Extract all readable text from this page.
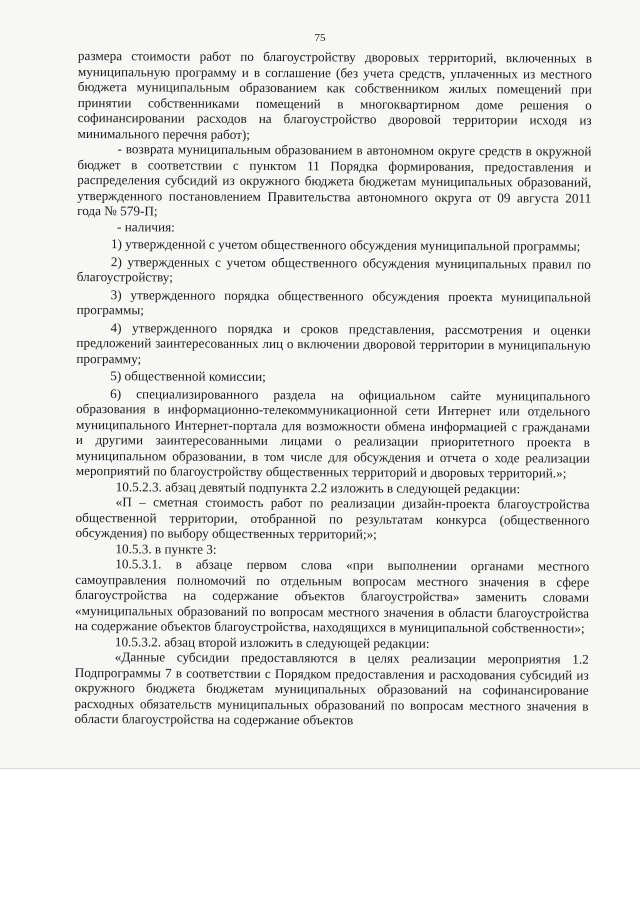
75

размера стоимости работ по благоустройству дворовых территорий, включенных в муниципальную программу и в соглашение (без учета средств, уплаченных из местного бюджета муниципальным образованием как собственником жилых помещений при принятии собственниками помещений в многоквартирном доме решения о софинансировании расходов на благоустройство дворовой территории исходя из минимального перечня работ);

- возврата муниципальным образованием в автономном округе средств в окружной бюджет в соответствии с пунктом 11 Порядка формирования, предоставления и распределения субсидий из окружного бюджета бюджетам муниципальных образований, утвержденного постановлением Правительства автономного округа от 09 августа 2011 года № 579-П;

- наличия:

1) утвержденной с учетом общественного обсуждения муниципальной программы;

2) утвержденных с учетом общественного обсуждения муниципальных правил по благоустройству;

3) утвержденного порядка общественного обсуждения проекта муниципальной программы;

4) утвержденного порядка и сроков представления, рассмотрения и оценки предложений заинтересованных лиц о включении дворовой территории в муниципальную программу;

5) общественной комиссии;

6) специализированного раздела на официальном сайте муниципального образования в информационно-телекоммуникационной сети Интернет или отдельного муниципального Интернет-портала для возможности обмена информацией с гражданами и другими заинтересованными лицами о реализации приоритетного проекта в муниципальном образовании, в том числе для обсуждения и отчета о ходе реализации мероприятий по благоустройству общественных территорий и дворовых территорий.»;

10.5.2.3. абзац девятый подпункта 2.2 изложить в следующей редакции:

«П – сметная стоимость работ по реализации дизайн-проекта благоустройства общественной территории, отобранной по результатам конкурса (общественного обсуждения) по выбору общественных территорий;»;

10.5.3. в пункте 3:

10.5.3.1. в абзаце первом слова «при выполнении органами местного самоуправления полномочий по отдельным вопросам местного значения в сфере благоустройства на содержание объектов благоустройства» заменить словами «муниципальных образований по вопросам местного значения в области благоустройства на содержание объектов благоустройства, находящихся в муниципальной собственности»;

10.5.3.2. абзац второй изложить в следующей редакции:

«Данные субсидии предоставляются в целях реализации мероприятия 1.2 Подпрограммы 7 в соответствии с Порядком предоставления и расходования субсидий из окружного бюджета бюджетам муниципальных образований на софинансирование расходных обязательств муниципальных образований по вопросам местного значения в области благоустройства на содержание объектов
